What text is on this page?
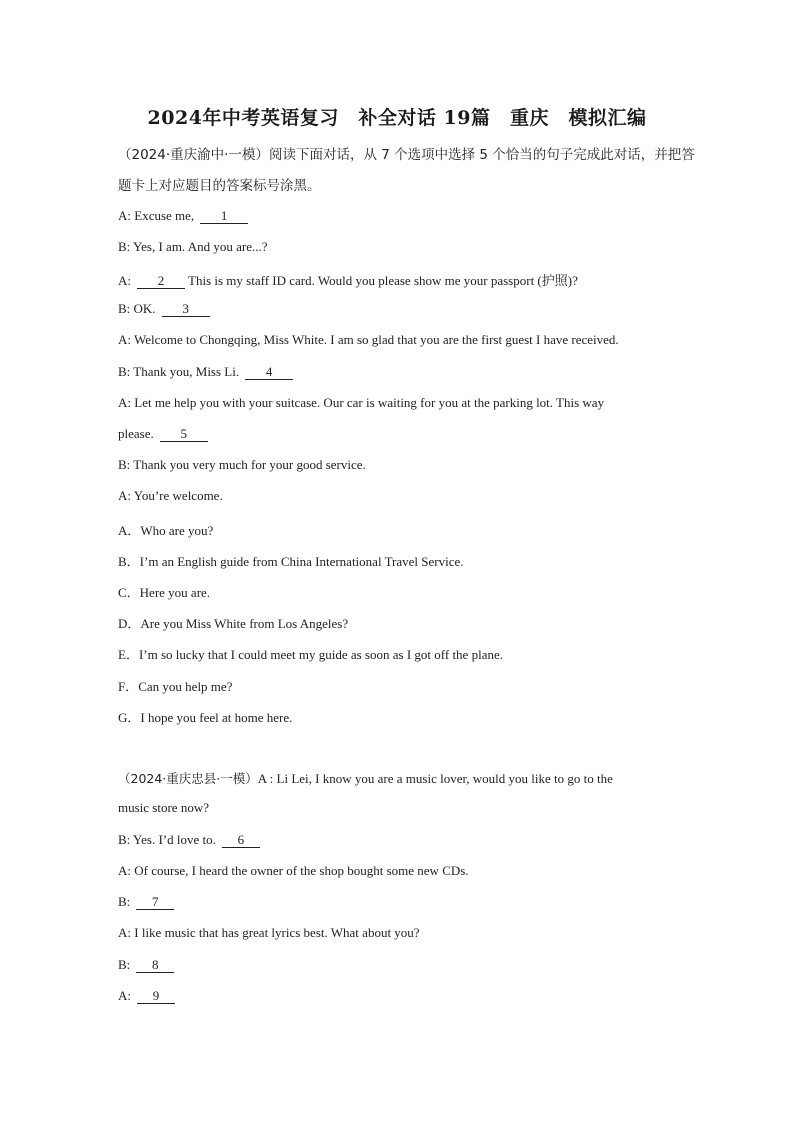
2024年中考英语复习　补全对话 19篇　重庆　模拟汇编
（2024·重庆渝中·一模）阅读下面对话，从 7 个选项中选择 5 个恰当的句子完成此对话，并把答题卡上对应题目的答案标号涂黑。
A: Excuse me, 1
B: Yes, I am. And you are...?
A: 2 This is my staff ID card. Would you please show me your passport (护照)?
B: OK. 3
A: Welcome to Chongqing, Miss White. I am so glad that you are the first guest I have received.
B: Thank you, Miss Li. 4
A: Let me help you with your suitcase. Our car is waiting for you at the parking lot. This way
please. 5
B: Thank you very much for your good service.
A: You’re welcome.
A．Who are you?
B．I’m an English guide from China International Travel Service.
C．Here you are.
D．Are you Miss White from Los Angeles?
E．I’m so lucky that I could meet my guide as soon as I got off the plane.
F．Can you help me?
G．I hope you feel at home here.
（2024·重庆忠县·一模）A : Li Lei, I know you are a music lover, would you like to go to the
music store now?
B: Yes. I’d love to. 6
A: Of course, I heard the owner of the shop bought some new CDs.
B: 7
A: I like music that has great lyrics best. What about you?
B: 8
A: 9
